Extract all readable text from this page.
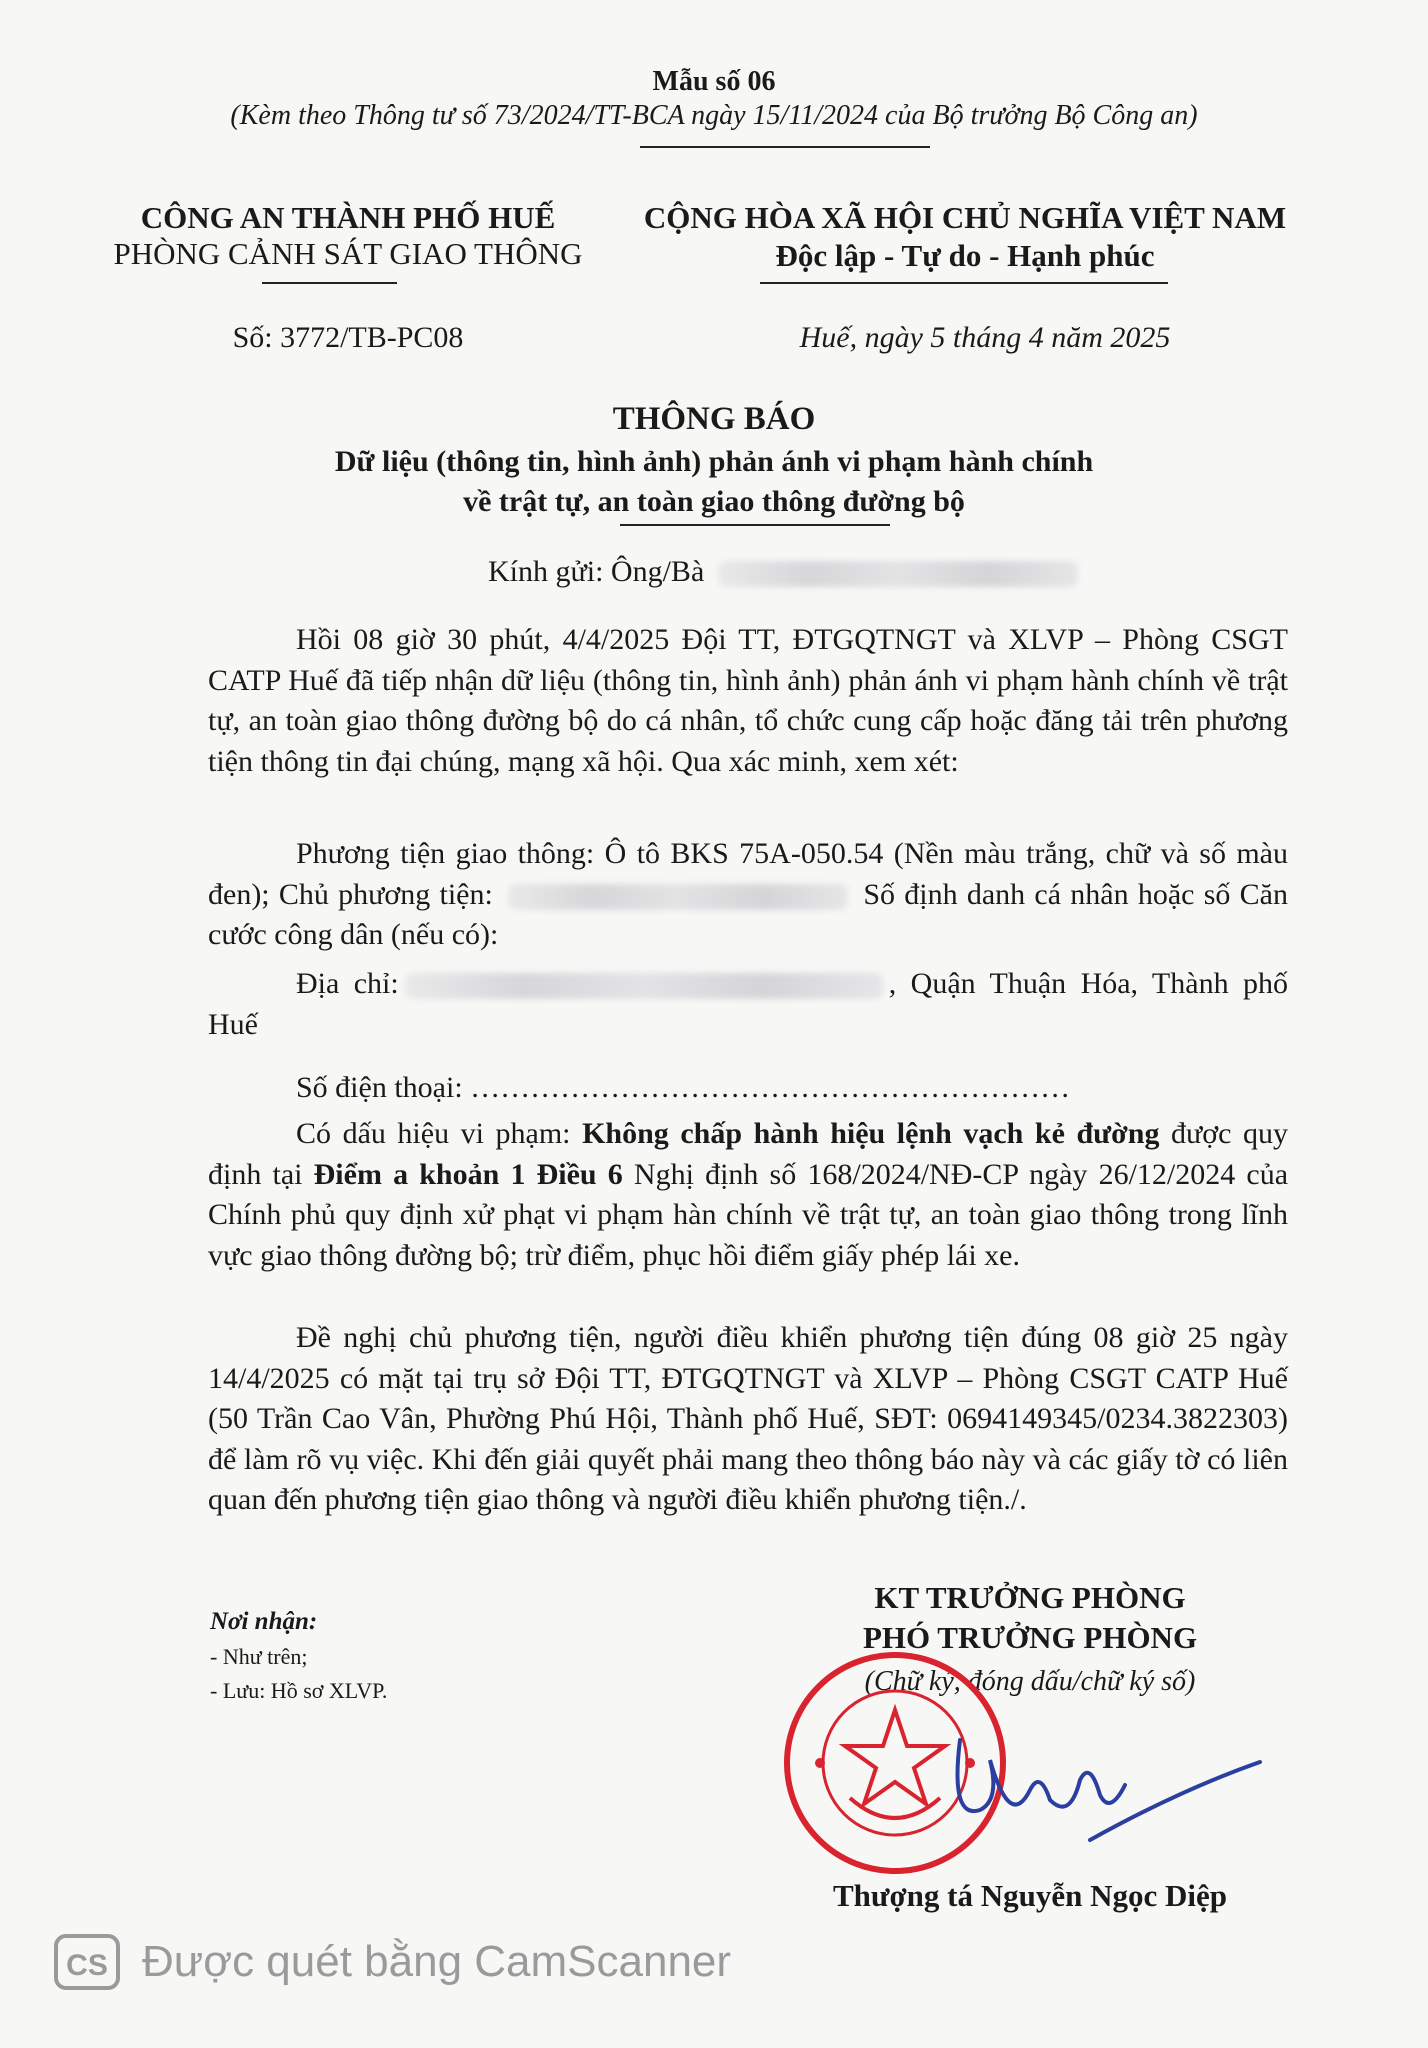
Mẫu số 06
(Kèm theo Thông tư số 73/2024/TT-BCA ngày 15/11/2024 của Bộ trưởng Bộ Công an)
CÔNG AN THÀNH PHỐ HUẾ
PHÒNG CẢNH SÁT GIAO THÔNG
Số: 3772/TB-PC08
CỘNG HÒA XÃ HỘI CHỦ NGHĨA VIỆT NAM
Độc lập - Tự do - Hạnh phúc
Huế, ngày 5 tháng 4 năm 2025
THÔNG BÁO
Dữ liệu (thông tin, hình ảnh) phản ánh vi phạm hành chính
về trật tự, an toàn giao thông đường bộ
Kính gửi: Ông/Bà

Hồi 08 giờ 30 phút, 4/4/2025 Đội TT, ĐTGQTNGT và XLVP – Phòng CSGT CATP Huế đã tiếp nhận dữ liệu (thông tin, hình ảnh) phản ánh vi phạm hành chính về trật tự, an toàn giao thông đường bộ do cá nhân, tổ chức cung cấp hoặc đăng tải trên phương tiện thông tin đại chúng, mạng xã hội. Qua xác minh, xem xét:

Phương tiện giao thông: Ô tô BKS 75A-050.54 (Nền màu trắng, chữ và số màu đen); Chủ phương tiện:	Số định danh cá nhân hoặc số Căn cước công dân (nếu có):

Địa chỉ:	, Quận Thuận Hóa, Thành phố Huế

Số điện thoại: ……………………………………………………

Có dấu hiệu vi phạm: Không chấp hành hiệu lệnh vạch kẻ đường được quy định tại Điểm a khoản 1 Điều 6 Nghị định số 168/2024/NĐ-CP ngày 26/12/2024 của Chính phủ quy định xử phạt vi phạm hàn chính về trật tự, an toàn giao thông trong lĩnh vực giao thông đường bộ; trừ điểm, phục hồi điểm giấy phép lái xe.

Đề nghị chủ phương tiện, người điều khiển phương tiện đúng 08 giờ 25 ngày 14/4/2025 có mặt tại trụ sở Đội TT, ĐTGQTNGT và XLVP – Phòng CSGT CATP Huế (50 Trần Cao Vân, Phường Phú Hội, Thành phố Huế, SĐT: 0694149345/0234.3822303) để làm rõ vụ việc. Khi đến giải quyết phải mang theo thông báo này và các giấy tờ có liên quan đến phương tiện giao thông và người điều khiển phương tiện./.

Nơi nhận:
- Như trên;
- Lưu: Hồ sơ XLVP.
KT TRƯỞNG PHÒNG
PHÓ TRƯỞNG PHÒNG
(Chữ ký, đóng dấu/chữ ký số)
Thượng tá Nguyễn Ngọc Diệp
CS Được quét bằng CamScanner
